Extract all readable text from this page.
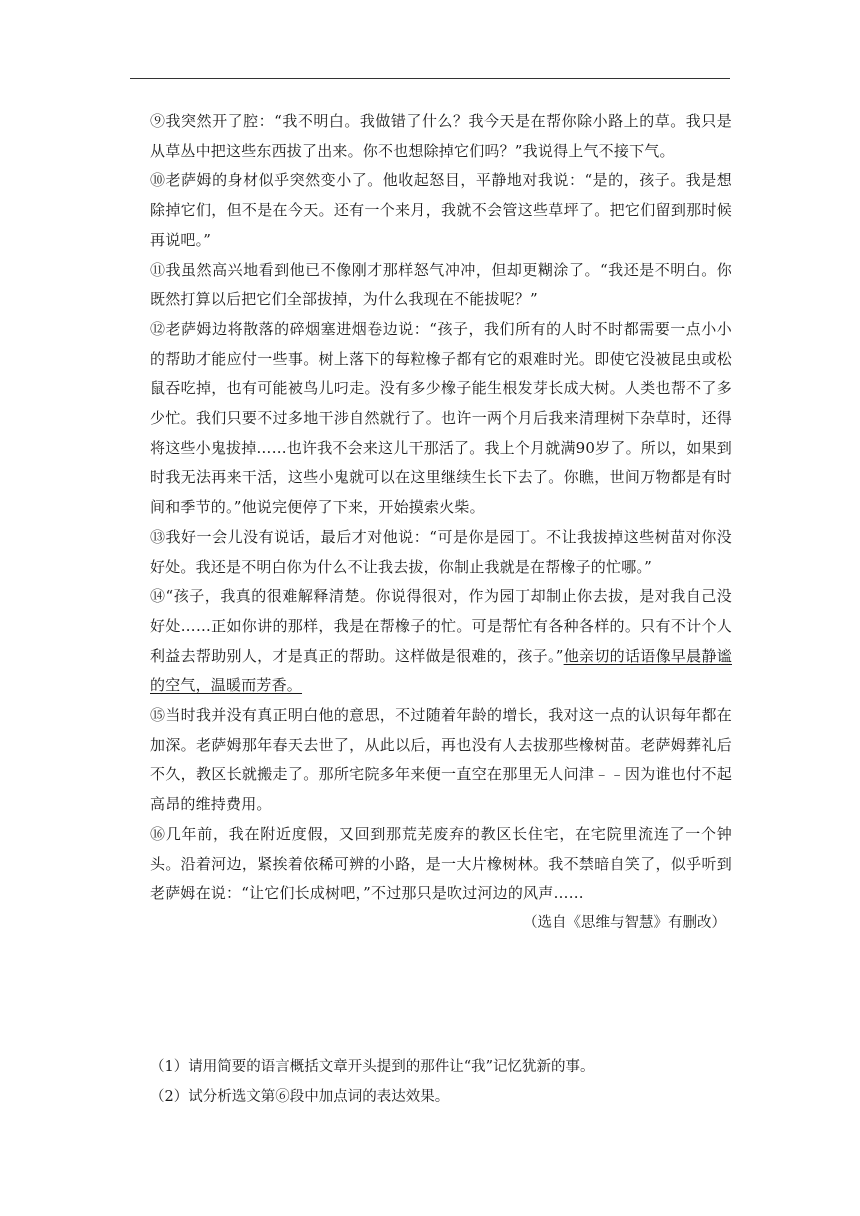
⑨我突然开了腔：“我不明白。我做错了什么？我今天是在帮你除小路上的草。我只是从草丛中把这些东西拔了出来。你不也想除掉它们吗？”我说得上气不接下气。

⑩老萨姆的身材似乎突然变小了。他收起怒目，平静地对我说：“是的，孩子。我是想除掉它们，但不是在今天。还有一个来月，我就不会管这些草坪了。把它们留到那时候再说吧。”

⑪我虽然高兴地看到他已不像刚才那样怒气冲冲，但却更糊涂了。“我还是不明白。你既然打算以后把它们全部拔掉，为什么我现在不能拔呢？”

⑫老萨姆边将散落的碎烟塞进烟卷边说：“孩子，我们所有的人时不时都需要一点小小的帮助才能应付一些事。树上落下的每粒橡子都有它的艰难时光。即使它没被昆虫或松鼠吞吃掉，也有可能被鸟儿叼走。没有多少橡子能生根发芽长成大树。人类也帮不了多少忙。我们只要不过多地干涉自然就行了。也许一两个月后我来清理树下杂草时，还得将这些小鬼拔掉……也许我不会来这儿干那活了。我上个月就满90岁了。所以，如果到时我无法再来干活，这些小鬼就可以在这里继续生长下去了。你瞧，世间万物都是有时间和季节的。”他说完便停了下来，开始摸索火柴。

⑬我好一会儿没有说话，最后才对他说：“可是你是园丁。不让我拔掉这些树苗对你没好处。我还是不明白你为什么不让我去拔，你制止我就是在帮橡子的忙哪。”

⑭“孩子，我真的很难解释清楚。你说得很对，作为园丁却制止你去拔，是对我自己没好处……正如你讲的那样，我是在帮橡子的忙。可是帮忙有各种各样的。只有不计个人利益去帮助别人，才是真正的帮助。这样做是很难的，孩子。”他亲切的话语像早晨静谧的空气，温暖而芳香。

⑮当时我并没有真正明白他的意思，不过随着年龄的增长，我对这一点的认识每年都在加深。老萨姆那年春天去世了，从此以后，再也没有人去拔那些橡树苗。老萨姆葬礼后不久，教区长就搬走了。那所宅院多年来便一直空在那里无人问津﹣﹣因为谁也付不起高昂的维持费用。

⑯几年前，我在附近度假，又回到那荒芜废弃的教区长住宅，在宅院里流连了一个钟头。沿着河边，紧挨着依稀可辨的小路，是一大片橡树林。我不禁暗自笑了，似乎听到老萨姆在说：“让它们长成树吧，”不过那只是吹过河边的风声……

（选自《思维与智慧》有删改）

（1）请用简要的语言概括文章开头提到的那件让“我”记忆犹新的事。

（2）试分析选文第⑥段中加点词的表达效果。
